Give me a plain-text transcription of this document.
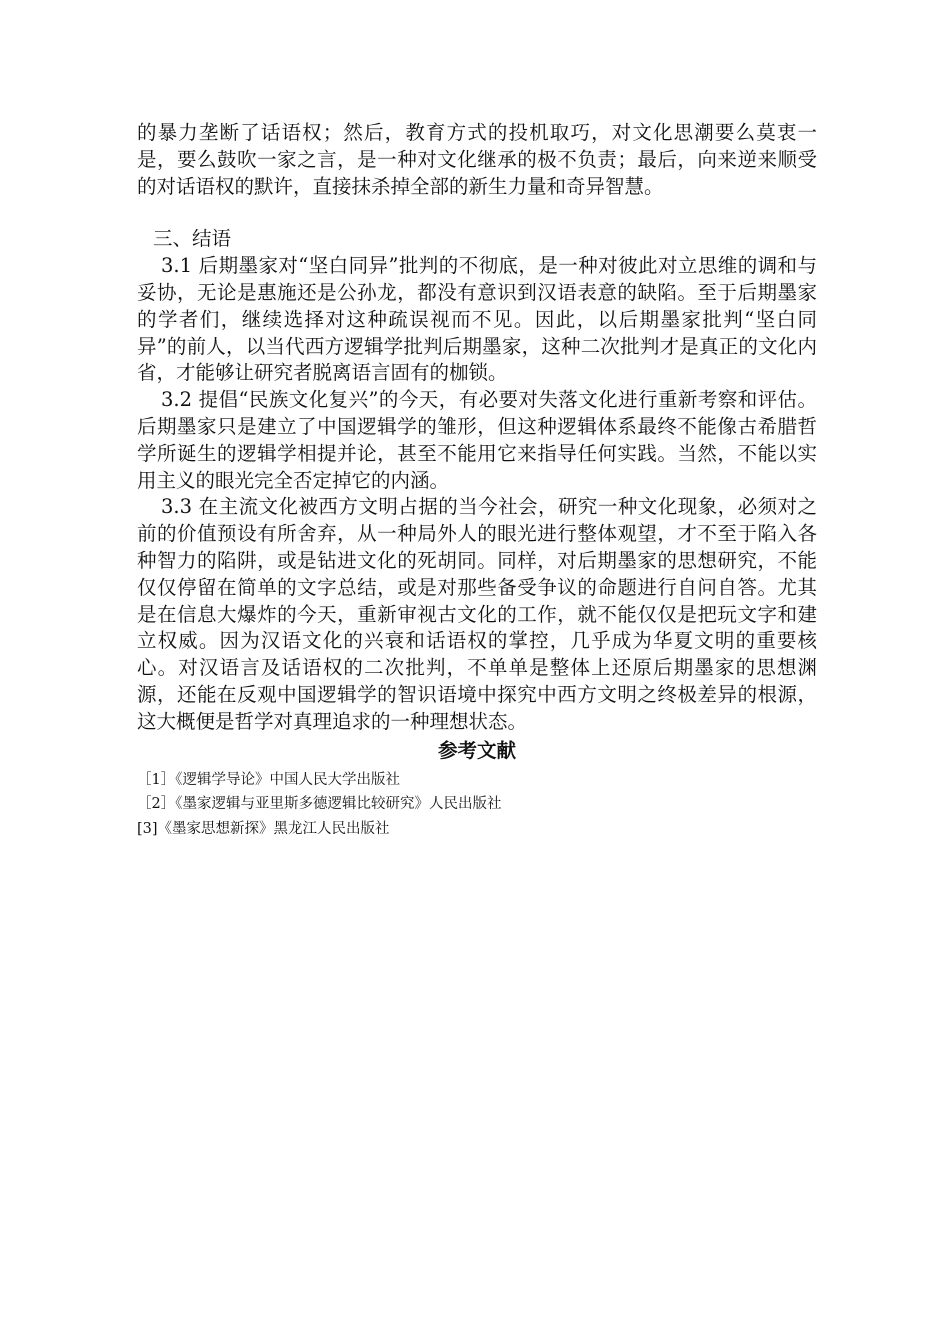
的暴力垄断了话语权；然后，教育方式的投机取巧，对文化思潮要么莫衷一是，要么鼓吹一家之言，是一种对文化继承的极不负责；最后，向来逆来顺受的对话语权的默许，直接抹杀掉全部的新生力量和奇异智慧。

三、结语

3.1 后期墨家对“坚白同异”批判的不彻底，是一种对彼此对立思维的调和与妥协，无论是惠施还是公孙龙，都没有意识到汉语表意的缺陷。至于后期墨家的学者们，继续选择对这种疏误视而不见。因此，以后期墨家批判“坚白同异”的前人，以当代西方逻辑学批判后期墨家，这种二次批判才是真正的文化内省，才能够让研究者脱离语言固有的枷锁。

3.2 提倡“民族文化复兴”的今天，有必要对失落文化进行重新考察和评估。后期墨家只是建立了中国逻辑学的雏形，但这种逻辑体系最终不能像古希腊哲学所诞生的逻辑学相提并论，甚至不能用它来指导任何实践。当然，不能以实用主义的眼光完全否定掉它的内涵。

3.3 在主流文化被西方文明占据的当今社会，研究一种文化现象，必须对之前的价值预设有所舍弃，从一种局外人的眼光进行整体观望，才不至于陷入各种智力的陷阱，或是钻进文化的死胡同。同样，对后期墨家的思想研究，不能仅仅停留在简单的文字总结，或是对那些备受争议的命题进行自问自答。尤其是在信息大爆炸的今天，重新审视古文化的工作，就不能仅仅是把玩文字和建立权威。因为汉语文化的兴衰和话语权的掌控，几乎成为华夏文明的重要核心。对汉语言及话语权的二次批判，不单单是整体上还原后期墨家的思想渊源，还能在反观中国逻辑学的智识语境中探究中西方文明之终极差异的根源，这大概便是哲学对真理追求的一种理想状态。

参考文献

［1］《逻辑学导论》中国人民大学出版社

［2］《墨家逻辑与亚里斯多德逻辑比较研究》人民出版社

[3]《墨家思想新探》黑龙江人民出版社
